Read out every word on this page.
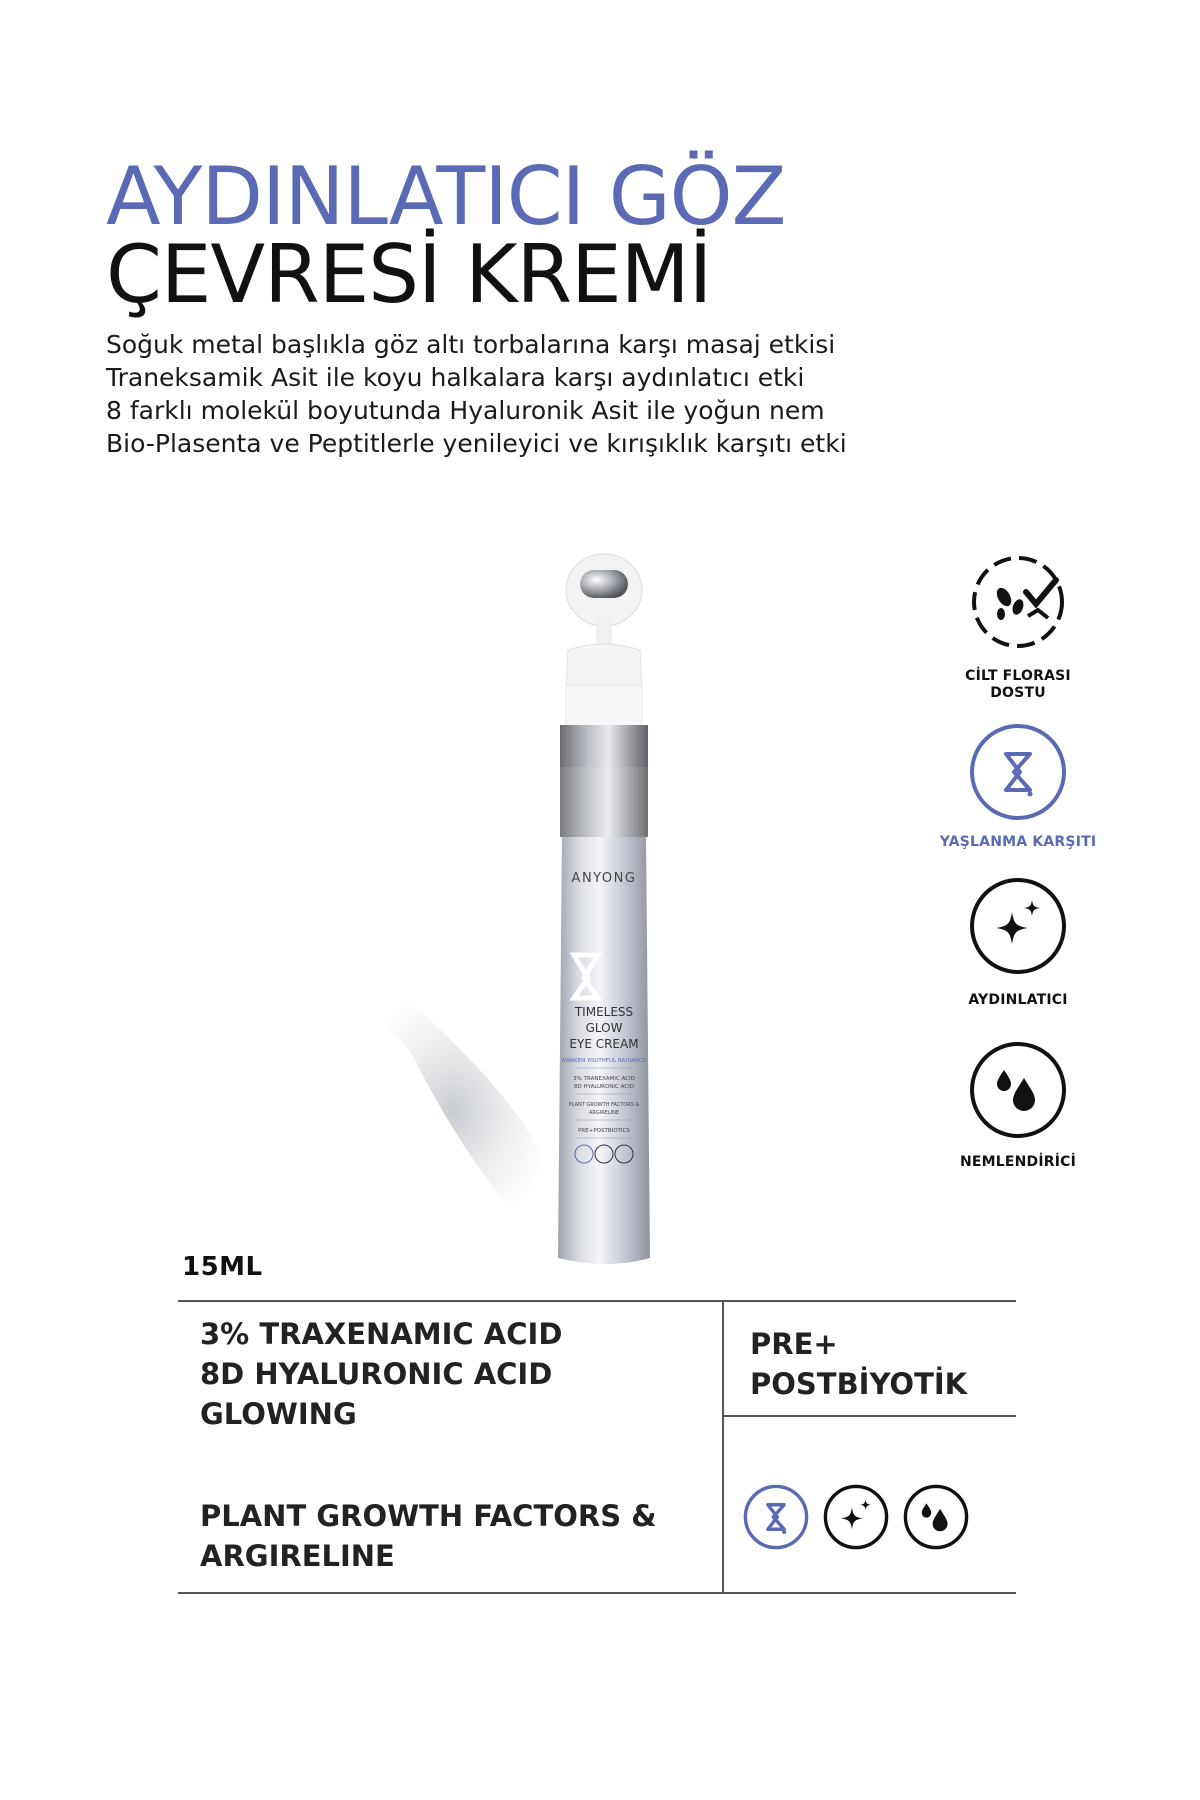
AYDINLATICI GÖZ
ÇEVRESİ KREMİ
Soğuk metal başlıkla göz altı torbalarına karşı masaj etkisi
Traneksamik Asit ile koyu halkalara karşı aydınlatıcı etki
8 farklı molekül boyutunda Hyaluronik Asit ile yoğun nem
Bio-Plasenta ve Peptitlerle yenileyici ve kırışıklık karşıtı etki
ANYONG
TIMELESS
GLOW
EYE CREAM
AWAKEN YOUTHFUL RADIANCE
3% TRANEXAMIC ACID
8D HYALURONIC ACID
PLANT GROWTH FACTORS &
ARGIRELINE
PRE+POSTBIOTICS
CİLT FLORASI
DOSTU
YAŞLANMA KARŞITI
AYDINLATICI
NEMLENDİRİCİ
15ML
3% TRAXENAMIC ACID
8D HYALURONIC ACID
GLOWING
PLANT GROWTH FACTORS &
ARGIRELINE
PRE+
POSTBİYOTİK
